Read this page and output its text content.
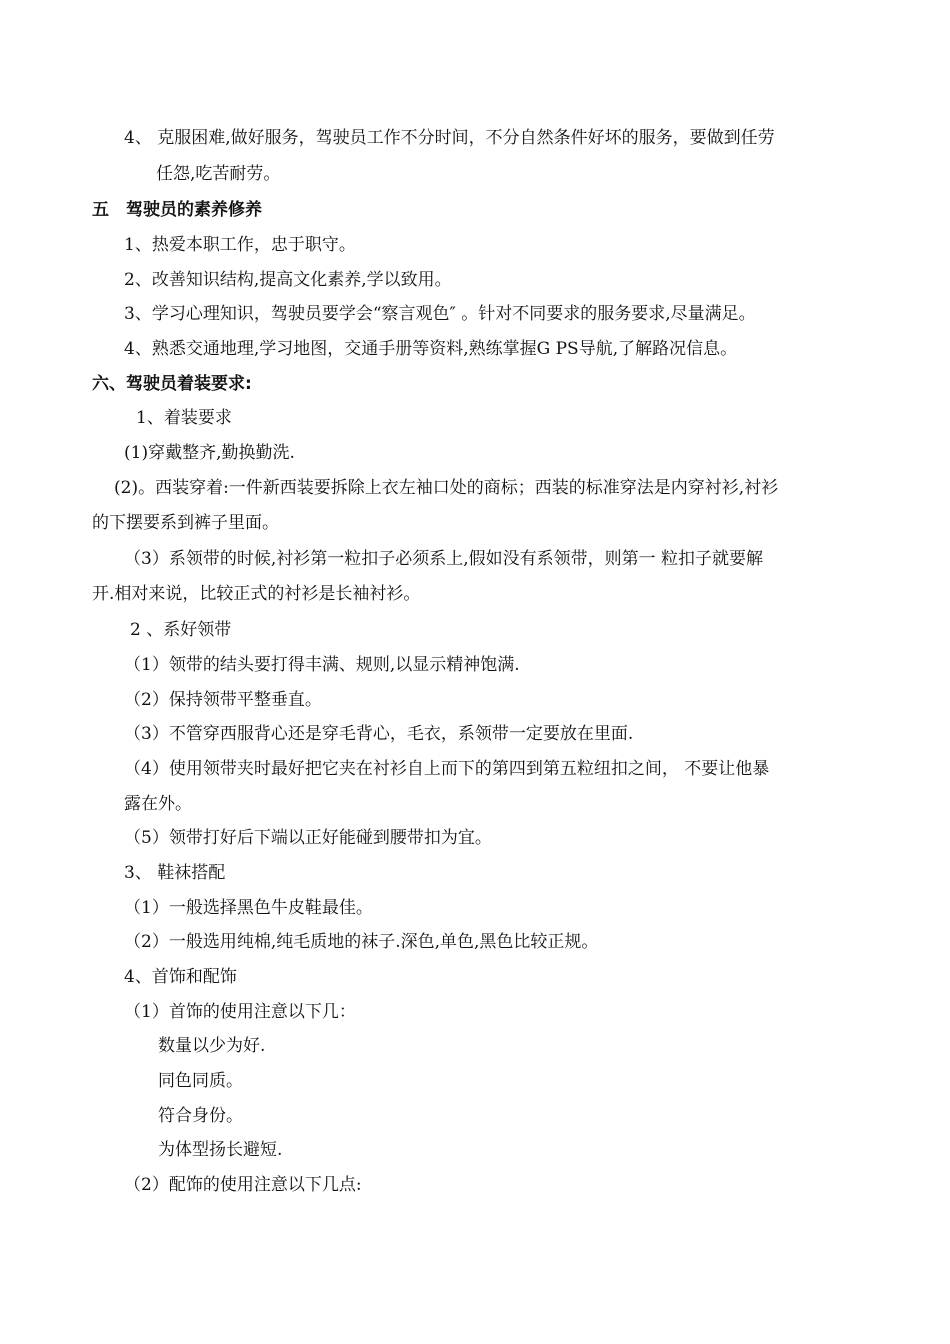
4、 克服困难,做好服务，驾驶员工作不分时间，不分自然条件好坏的服务，要做到任劳
任怨,吃苦耐劳。
五　驾驶员的素养修养
1、热爱本职工作，忠于职守。
2、改善知识结构,提高文化素养,学以致用。
3、学习心理知识，驾驶员要学会“察言观色″ 。针对不同要求的服务要求,尽量满足。
4、熟悉交通地理,学习地图，交通手册等资料,熟练掌握G PS导航,了解路况信息。
六、驾驶员着装要求:
1、着装要求
(1)穿戴整齐,勤换勤洗.
(2)。西装穿着:一件新西装要拆除上衣左袖口处的商标；西装的标准穿法是内穿衬衫,衬衫
的下摆要系到裤子里面。
（3）系领带的时候,衬衫第一粒扣子必须系上,假如没有系领带，则第一 粒扣子就要解
开.相对来说，比较正式的衬衫是长袖衬衫。
2 、系好领带
（1）领带的结头要打得丰满、规则,以显示精神饱满.
（2）保持领带平整垂直。
（3）不管穿西服背心还是穿毛背心，毛衣，系领带一定要放在里面.
（4）使用领带夹时最好把它夹在衬衫自上而下的第四到第五粒纽扣之间， 不要让他暴
露在外。
（5）领带打好后下端以正好能碰到腰带扣为宜。
3、 鞋袜搭配
（1）一般选择黑色牛皮鞋最佳。
（2）一般选用纯棉,纯毛质地的袜子.深色,单色,黑色比较正规。
4、首饰和配饰
（1）首饰的使用注意以下几：
数量以少为好.
同色同质。
符合身份。
为体型扬长避短.
（2）配饰的使用注意以下几点:
